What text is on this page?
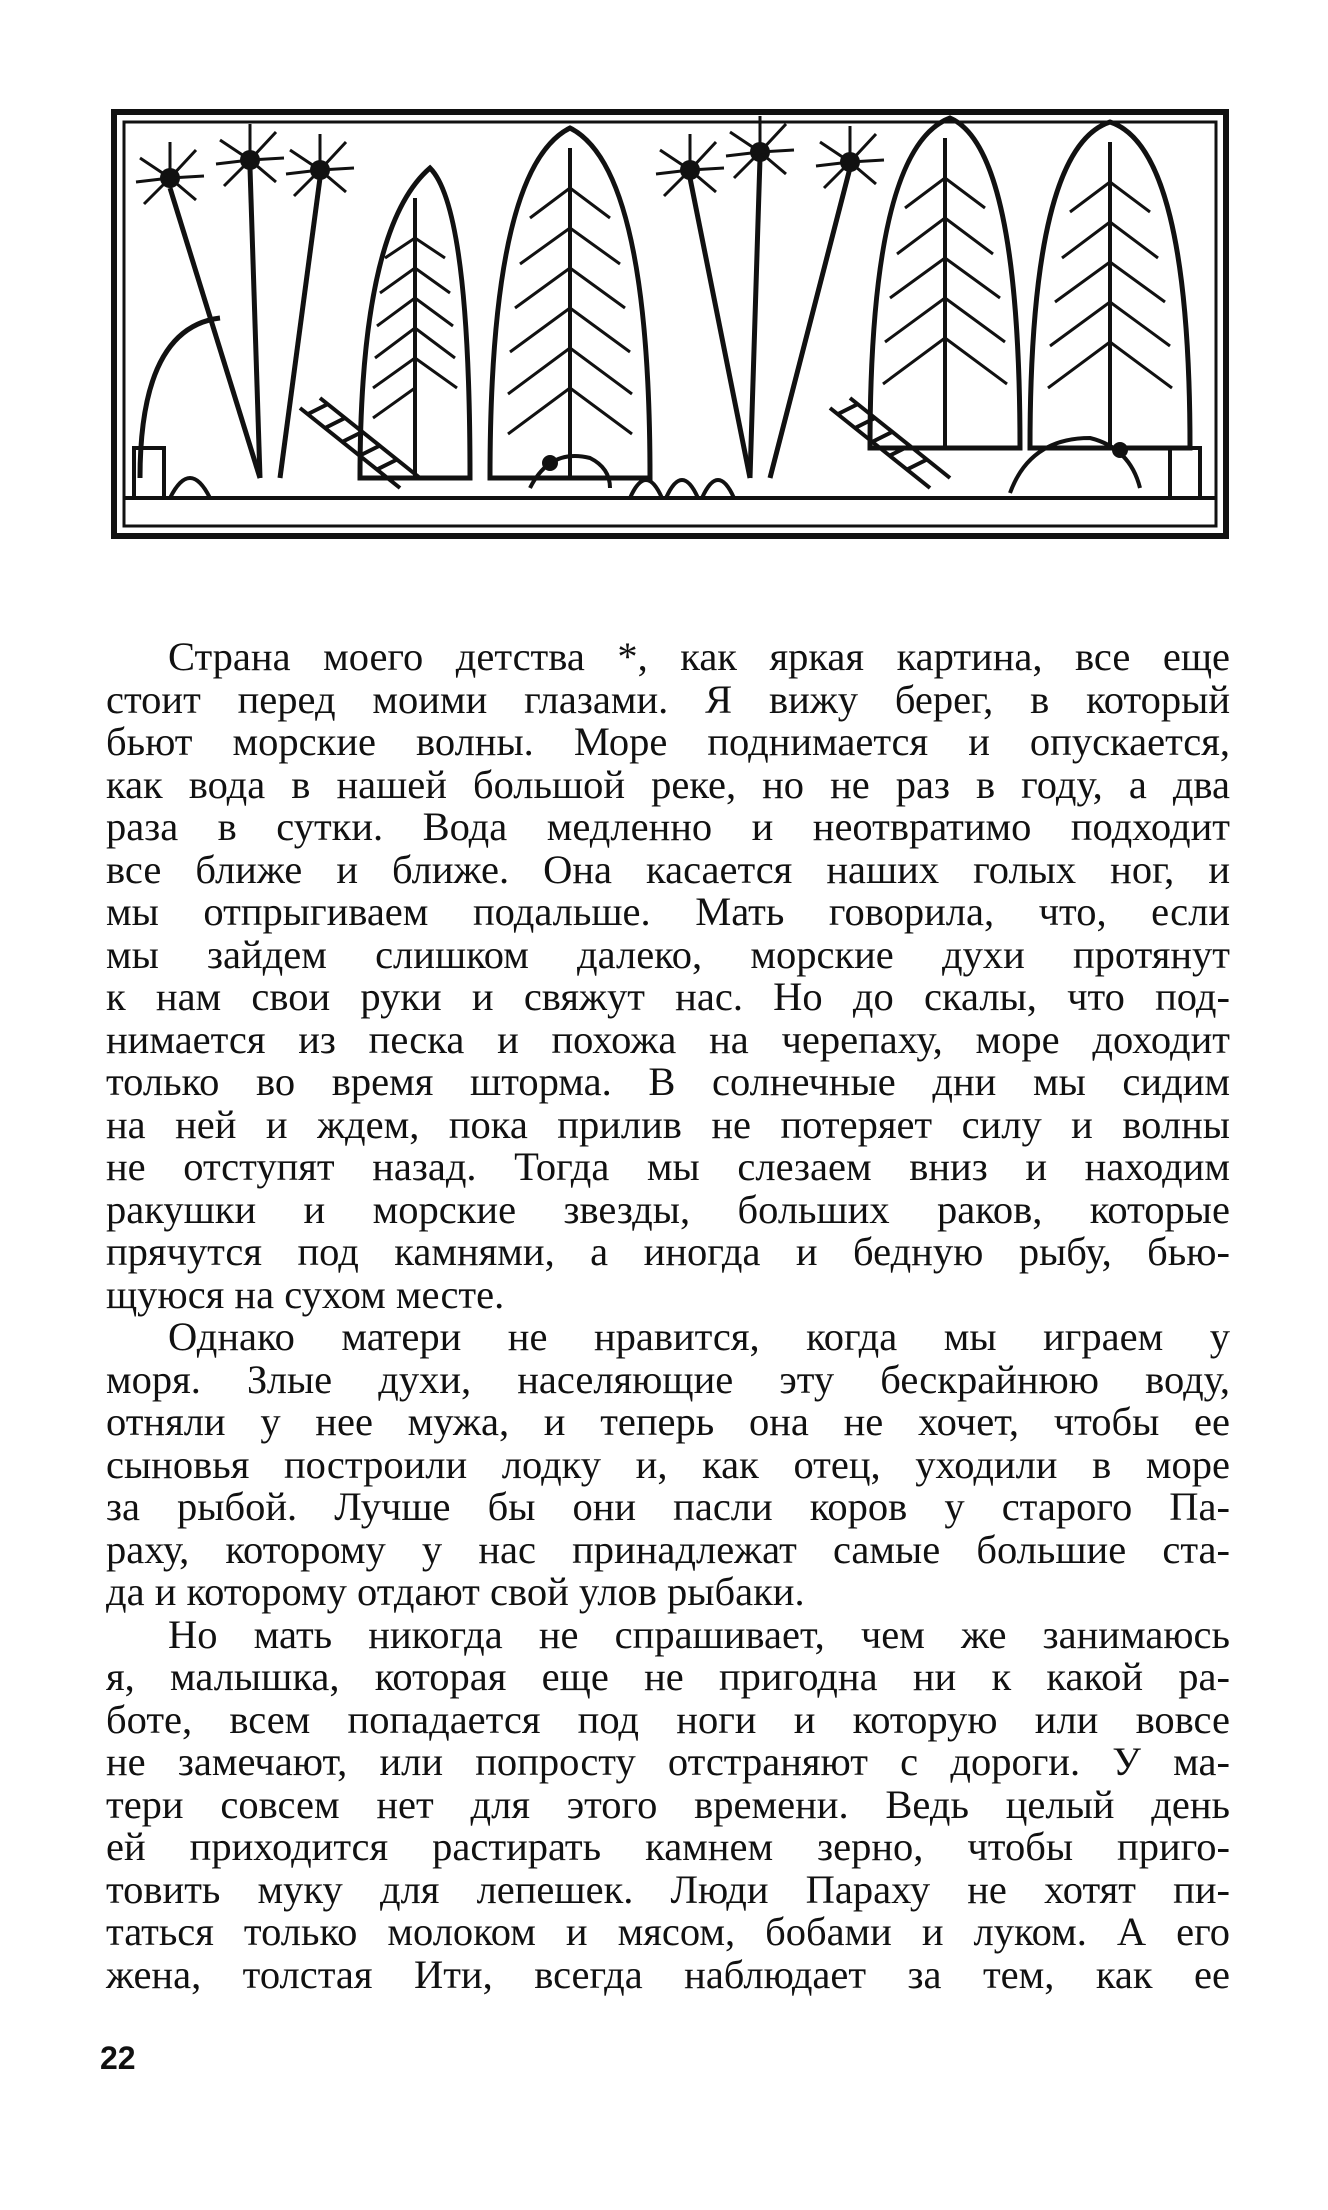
Страна моего детства *, как яркая картина, все еще
стоит перед моими глазами. Я вижу берег, в который
бьют морские волны. Море поднимается и опускается,
как вода в нашей большой реке, но не раз в году, а два
раза в сутки. Вода медленно и неотвратимо подходит
все ближе и ближе. Она касается наших голых ног, и
мы отпрыгиваем подальше. Мать говорила, что, если
мы зайдем слишком далеко, морские духи протянут
к нам свои руки и свяжут нас. Но до скалы, что под-
нимается из песка и похожа на черепаху, море доходит
только во время шторма. В солнечные дни мы сидим
на ней и ждем, пока прилив не потеряет силу и волны
не отступят назад. Тогда мы слезаем вниз и находим
ракушки и морские звезды, больших раков, которые
прячутся под камнями, а иногда и бедную рыбу, бью-
щуюся на сухом месте.

Однако матери не нравится, когда мы играем у
моря. Злые духи, населяющие эту бескрайнюю воду,
отняли у нее мужа, и теперь она не хочет, чтобы ее
сыновья построили лодку и, как отец, уходили в море
за рыбой. Лучше бы они пасли коров у старого Па-
раху, которому у нас принадлежат самые большие ста-
да и которому отдают свой улов рыбаки.

Но мать никогда не спрашивает, чем же занимаюсь
я, малышка, которая еще не пригодна ни к какой ра-
боте, всем попадается под ноги и которую или вовсе
не замечают, или попросту отстраняют с дороги. У ма-
тери совсем нет для этого времени. Ведь целый день
ей приходится растирать камнем зерно, чтобы приго-
товить муку для лепешек. Люди Параху не хотят пи-
таться только молоком и мясом, бобами и луком. А его
жена, толстая Ити, всегда наблюдает за тем, как ее

22
